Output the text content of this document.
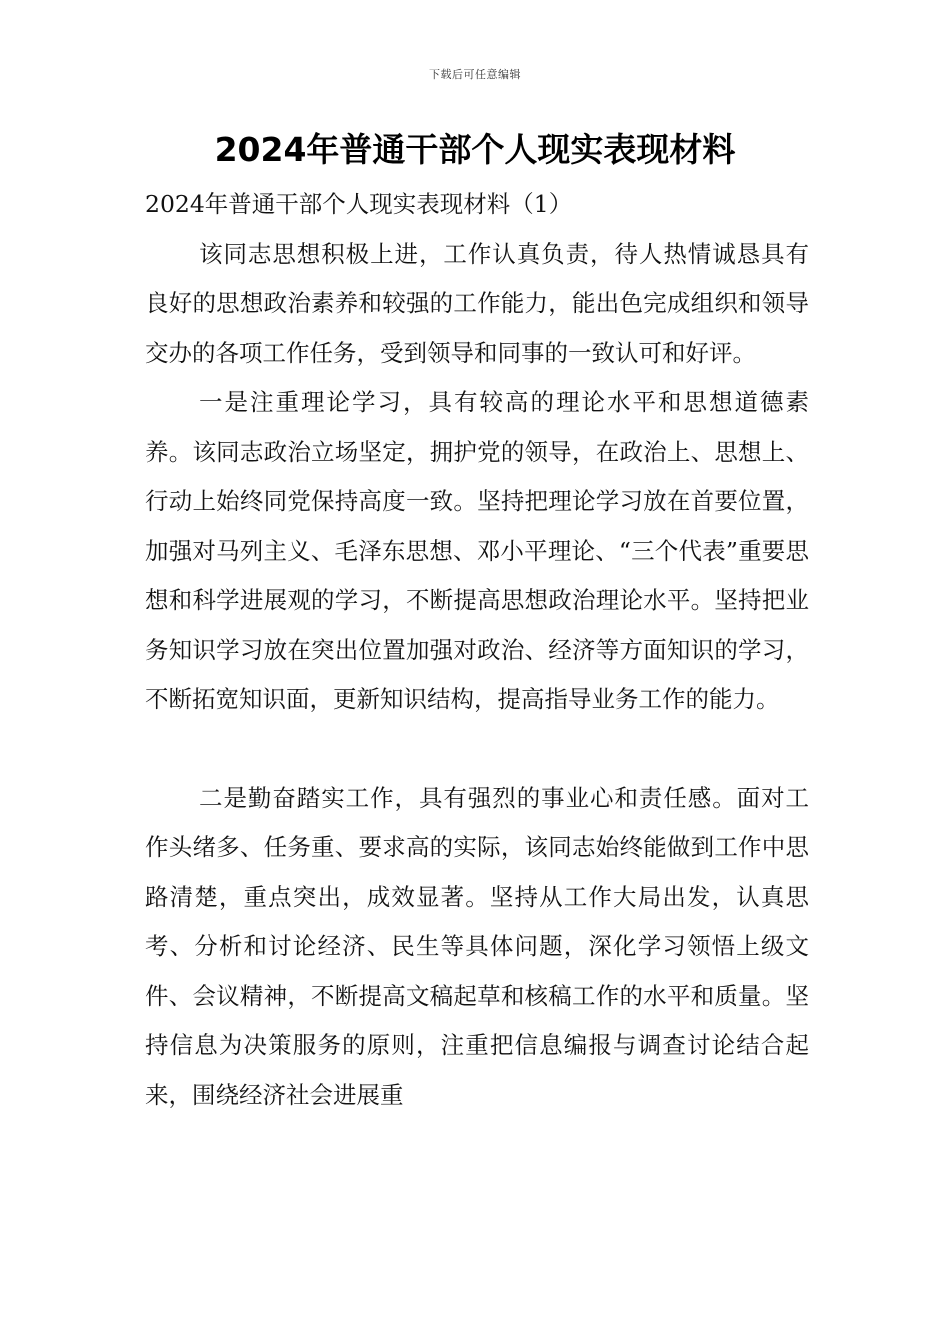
下载后可任意编辑
2024年普通干部个人现实表现材料

2024年普通干部个人现实表现材料（1）

该同志思想积极上进，工作认真负责，待人热情诚恳具有良好的思想政治素养和较强的工作能力，能出色完成组织和领导交办的各项工作任务，受到领导和同事的一致认可和好评。

一是注重理论学习，具有较高的理论水平和思想道德素养。该同志政治立场坚定，拥护党的领导，在政治上、思想上、行动上始终同党保持高度一致。坚持把理论学习放在首要位置，加强对马列主义、毛泽东思想、邓小平理论、“三个代表”重要思想和科学进展观的学习，不断提高思想政治理论水平。坚持把业务知识学习放在突出位置加强对政治、经济等方面知识的学习，不断拓宽知识面，更新知识结构，提高指导业务工作的能力。

二是勤奋踏实工作，具有强烈的事业心和责任感。面对工作头绪多、任务重、要求高的实际，该同志始终能做到工作中思路清楚，重点突出，成效显著。坚持从工作大局出发，认真思考、分析和讨论经济、民生等具体问题，深化学习领悟上级文件、会议精神，不断提高文稿起草和核稿工作的水平和质量。坚持信息为决策服务的原则，注重把信息编报与调查讨论结合起来，围绕经济社会进展重
